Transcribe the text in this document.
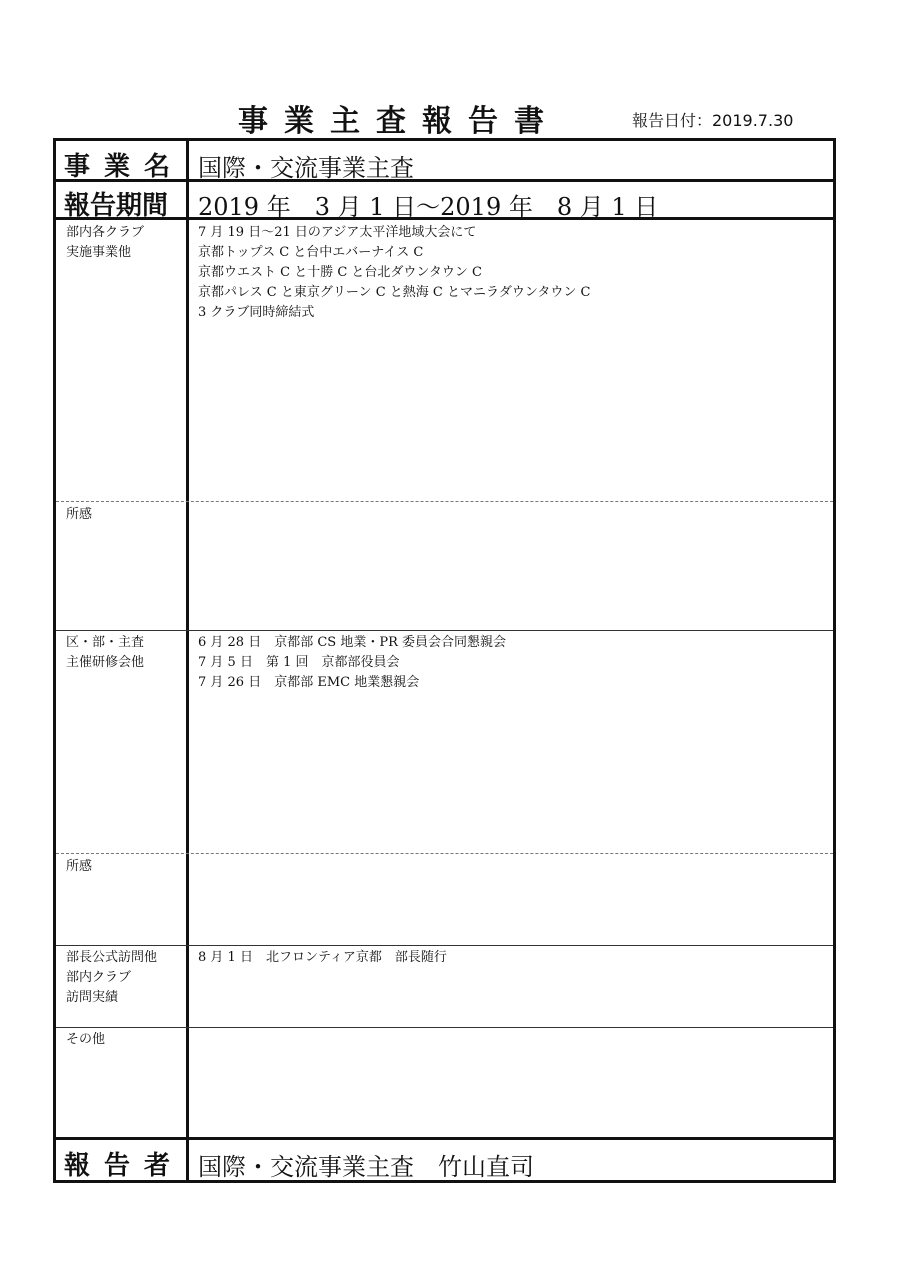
事業主査報告書	報告日付：2019.7.30
事業名 国際・交流事業主査
報告期間 2019 年　3 月 1 日〜2019 年　8 月 1 日
部内各クラブ
実施事業他
7 月 19 日〜21 日のアジア太平洋地域大会にて
京都トップス C と台中エバーナイス C
京都ウエスト C と十勝 C と台北ダウンタウン C
京都パレス C と東京グリーン C と熱海 C とマニラダウンタウン C
3 クラブ同時締結式
所感
区・部・主査
主催研修会他
6 月 28 日　京都部 CS 地業・PR 委員会合同懇親会
7 月 5 日　第 1 回　京都部役員会
7 月 26 日　京都部 EMC 地業懇親会
所感
部長公式訪問他
部内クラブ
訪問実績
8 月 1 日　北フロンティア京都　部長随行
その他
報告者 国際・交流事業主査　竹山直司
